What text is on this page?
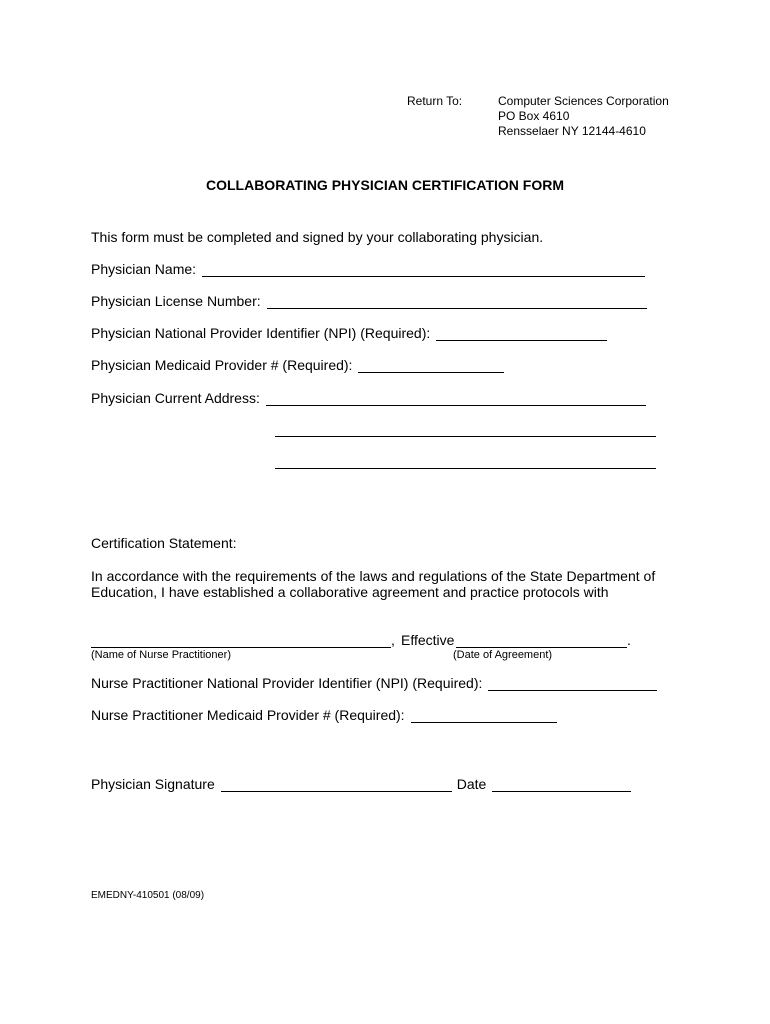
Return To:	Computer Sciences Corporation
PO Box 4610
Rensselaer NY 12144-4610
COLLABORATING PHYSICIAN CERTIFICATION FORM
This form must be completed and signed by your collaborating physician.
Physician Name:
Physician License Number:
Physician National Provider Identifier (NPI) (Required):
Physician Medicaid Provider # (Required):
Physician Current Address:
Certification Statement:
In accordance with the requirements of the laws and regulations of the State Department of
Education, I have established a collaborative agreement and practice protocols with
, Effective	.
(Name of Nurse Practitioner)	(Date of Agreement)
Nurse Practitioner National Provider Identifier (NPI) (Required):
Nurse Practitioner Medicaid Provider # (Required):
Physician Signature	Date
EMEDNY-410501 (08/09)
